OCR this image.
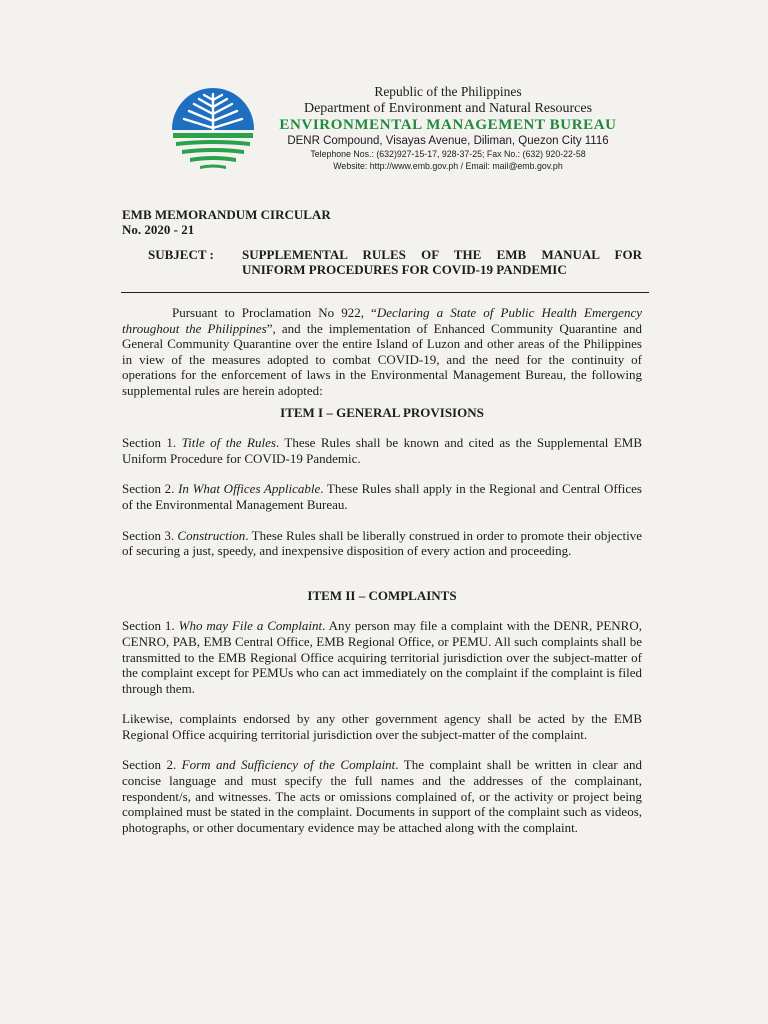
Republic of the Philippines
Department of Environment and Natural Resources
ENVIRONMENTAL MANAGEMENT BUREAU
DENR Compound, Visayas Avenue, Diliman, Quezon City 1116
Telephone Nos.: (632)927-15-17, 928-37-25; Fax No.: (632) 920-22-58
Website: http://www.emb.gov.ph / Email: mail@emb.gov.ph
EMB MEMORANDUM CIRCULAR
No. 2020 - 21
SUBJECT :	SUPPLEMENTAL RULES OF THE EMB MANUAL FOR
UNIFORM PROCEDURES FOR COVID-19 PANDEMIC

Pursuant to Proclamation No 922, “Declaring a State of Public Health Emergency throughout the Philippines”, and the implementation of Enhanced Community Quarantine and General Community Quarantine over the entire Island of Luzon and other areas of the Philippines in view of the measures adopted to combat COVID-19, and the need for the continuity of operations for the enforcement of laws in the Environmental Management Bureau, the following supplemental rules are herein adopted:

ITEM I – GENERAL PROVISIONS

Section 1. Title of the Rules. These Rules shall be known and cited as the Supplemental EMB Uniform Procedure for COVID-19 Pandemic.

Section 2. In What Offices Applicable. These Rules shall apply in the Regional and Central Offices of the Environmental Management Bureau.

Section 3. Construction. These Rules shall be liberally construed in order to promote their objective of securing a just, speedy, and inexpensive disposition of every action and proceeding.

ITEM II – COMPLAINTS

Section 1. Who may File a Complaint. Any person may file a complaint with the DENR, PENRO, CENRO, PAB, EMB Central Office, EMB Regional Office, or PEMU. All such complaints shall be transmitted to the EMB Regional Office acquiring territorial jurisdiction over the subject-matter of the complaint except for PEMUs who can act immediately on the complaint if the complaint is filed through them.

Likewise, complaints endorsed by any other government agency shall be acted by the EMB Regional Office acquiring territorial jurisdiction over the subject-matter of the complaint.

Section 2. Form and Sufficiency of the Complaint. The complaint shall be written in clear and concise language and must specify the full names and the addresses of the complainant, respondent/s, and witnesses. The acts or omissions complained of, or the activity or project being complained must be stated in the complaint. Documents in support of the complaint such as videos, photographs, or other documentary evidence may be attached along with the complaint.
